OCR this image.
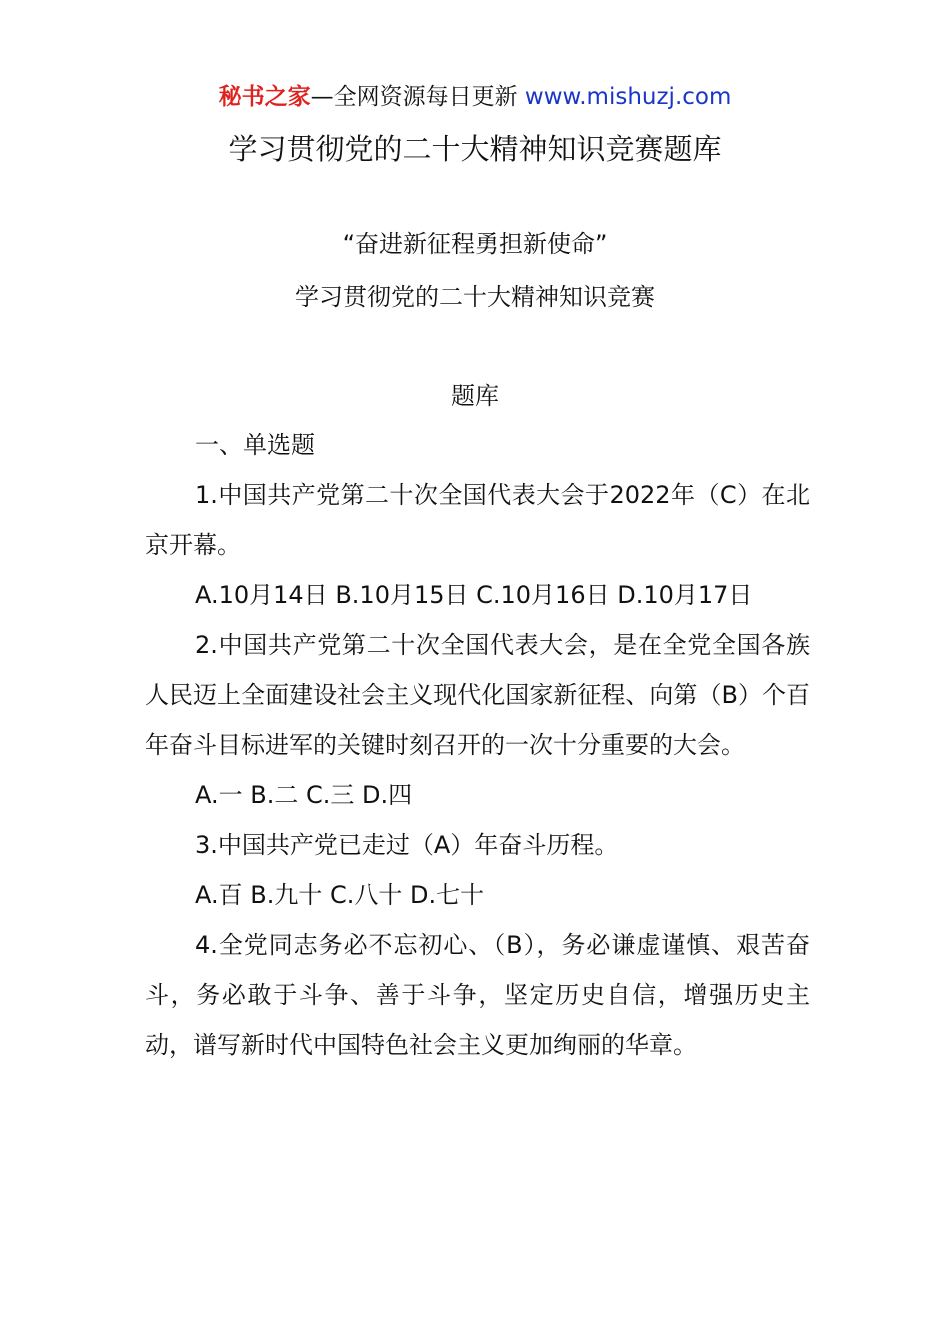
秘书之家—全网资源每日更新 www.mishuzj.com
学习贯彻党的二十大精神知识竞赛题库
“奋进新征程勇担新使命”
学习贯彻党的二十大精神知识竞赛
题库

一、单选题

1.中国共产党第二十次全国代表大会于2022年（C）在北京开幕。

A.10月14日 B.10月15日 C.10月16日 D.10月17日

2.中国共产党第二十次全国代表大会，是在全党全国各族人民迈上全面建设社会主义现代化国家新征程、向第（B）个百年奋斗目标进军的关键时刻召开的一次十分重要的大会。

A.一 B.二 C.三 D.四

3.中国共产党已走过（A）年奋斗历程。

A.百 B.九十 C.八十 D.七十

4.全党同志务必不忘初心、（B），务必谦虚谨慎、艰苦奋斗，务必敢于斗争、善于斗争，坚定历史自信，增强历史主动，谱写新时代中国特色社会主义更加绚丽的华章。
